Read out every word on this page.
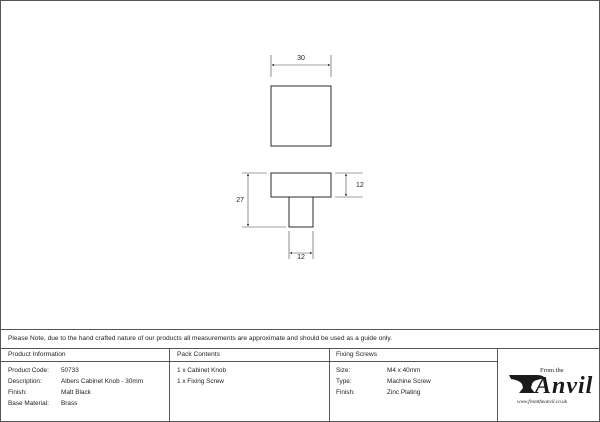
30
27
12
12
Please Note, due to the hand crafted nature of our products all measurements are approximate and should be used as a guide only.
Product Information
Product Code: 50733
Description:	Albers Cabinet Knob - 30mm
Finish:	Matt Black
Base Material: Brass
Pack Contents
1 x Cabinet Knob
1 x Fixing Screw
Fixing Screws
Size:	M4 x 40mm
Type:	Machine Screw
Finish:	Zinc Plating
From the
Anvil
www.fromtheanvil.co.uk
